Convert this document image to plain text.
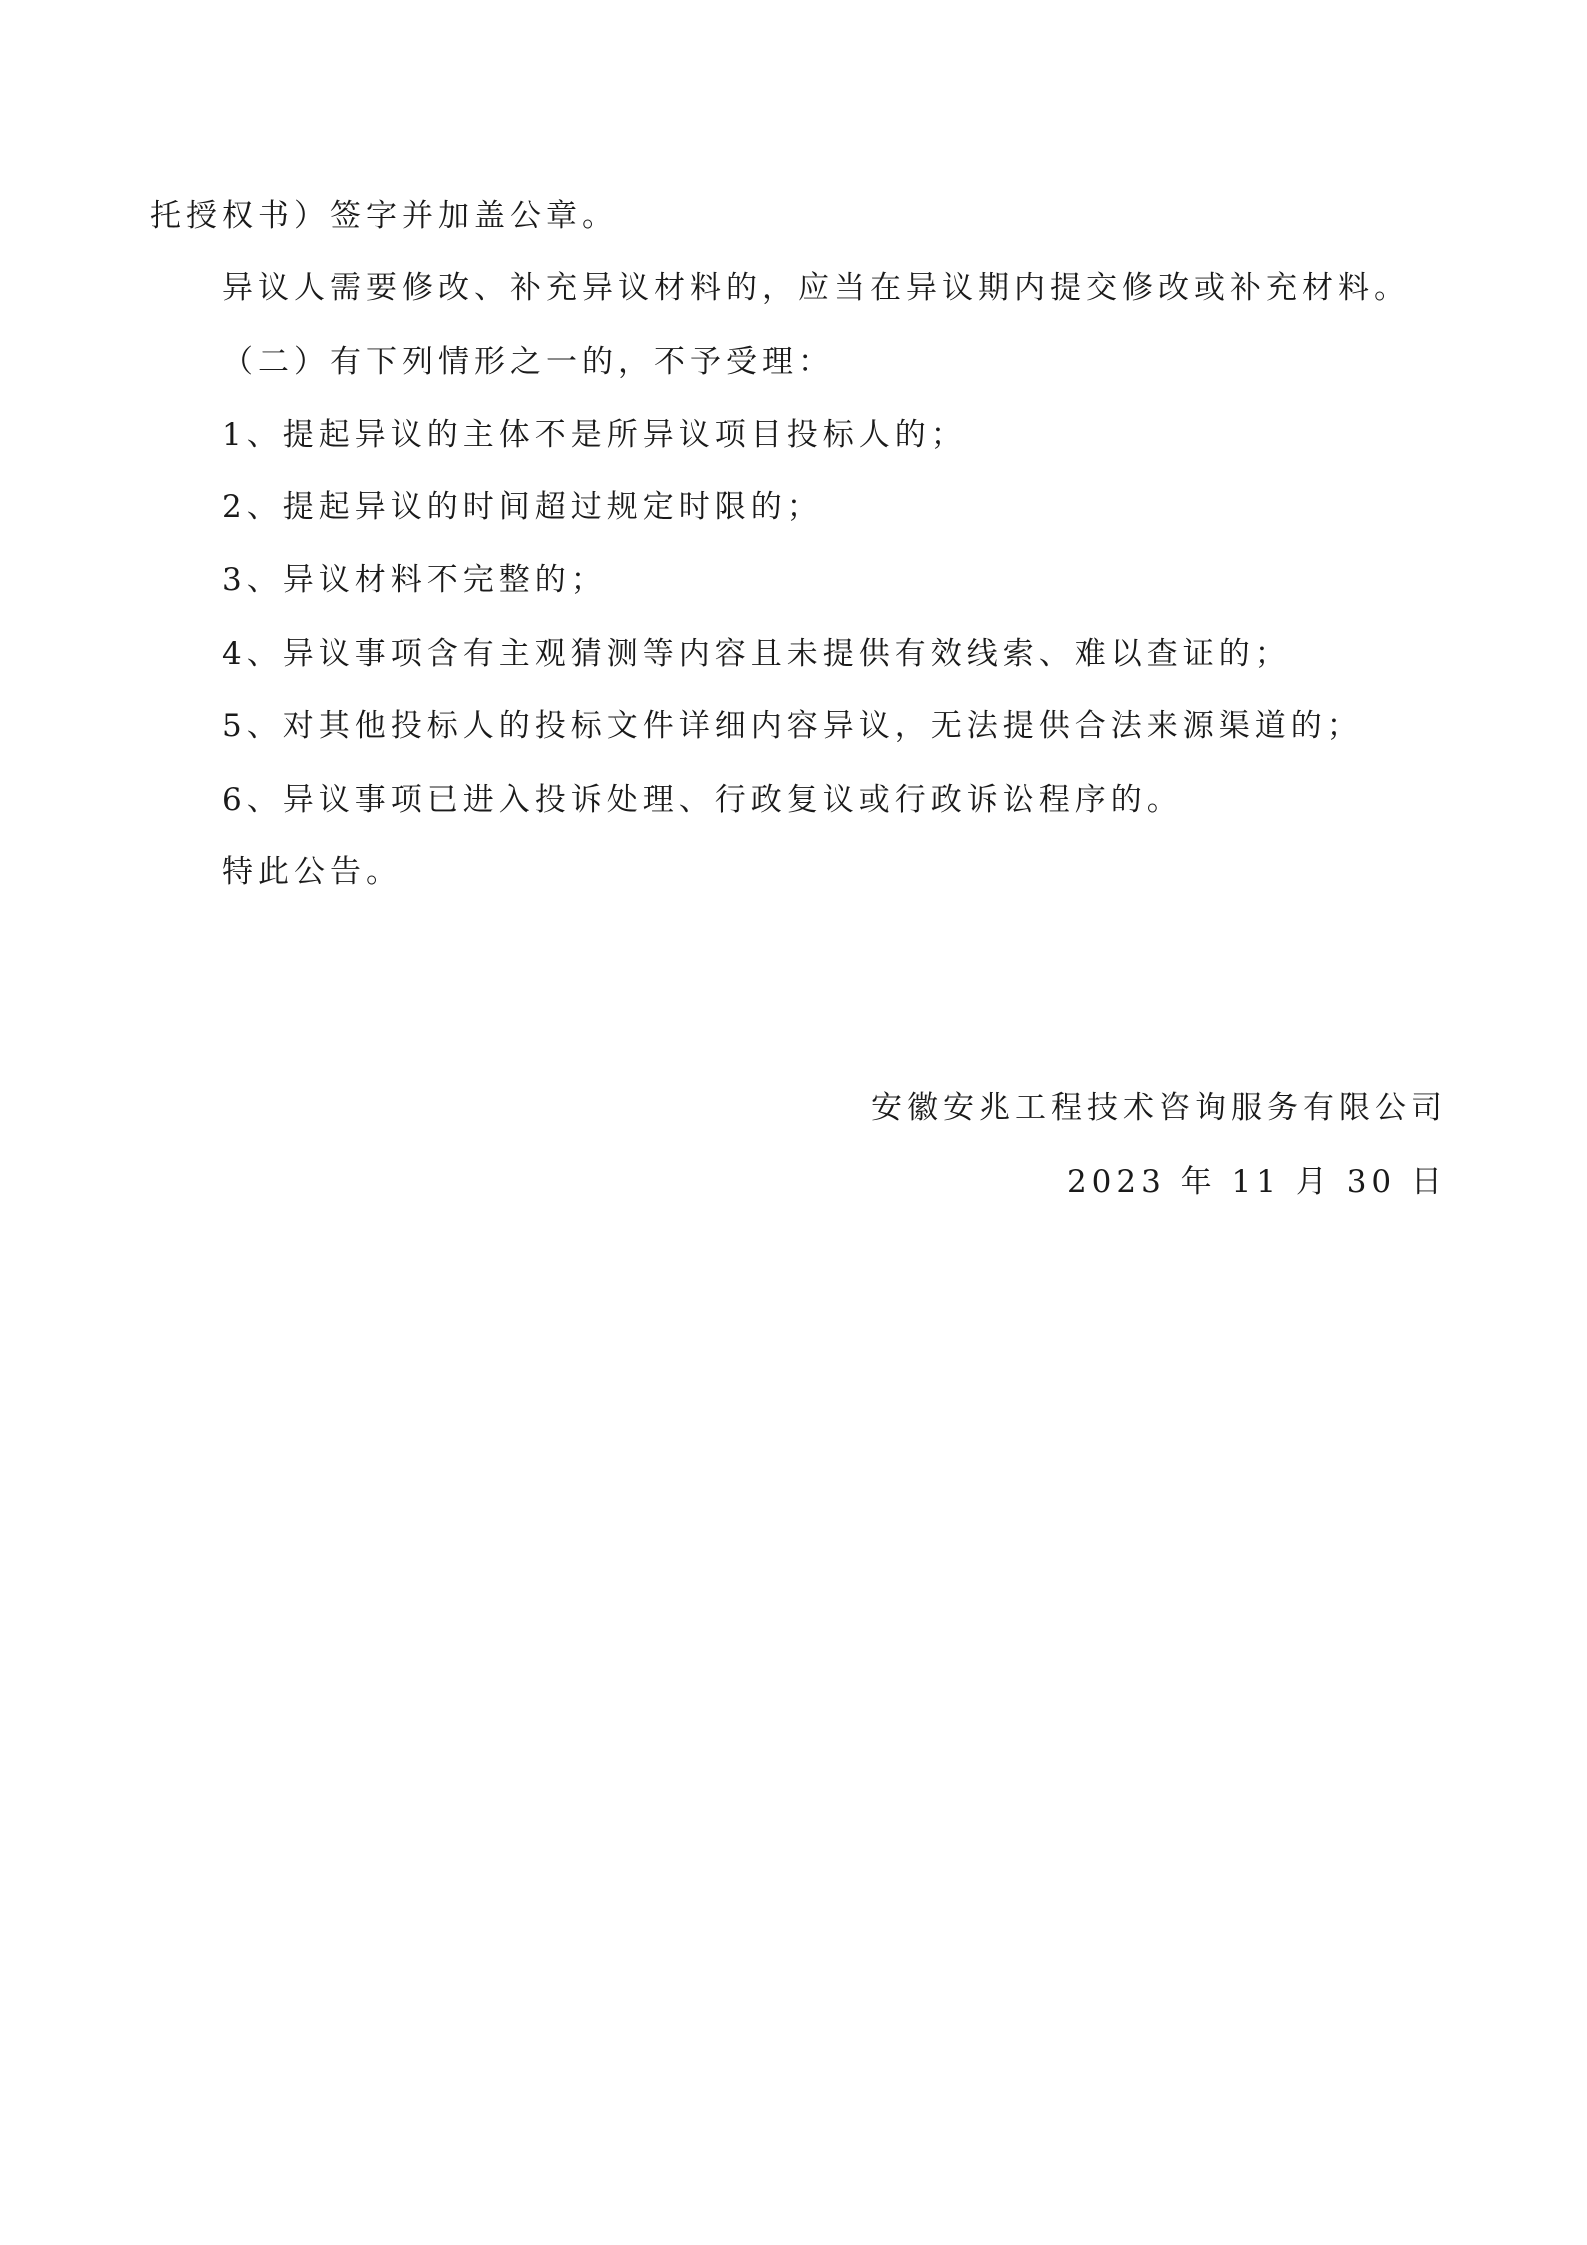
托授权书）签字并加盖公章。
异议人需要修改、补充异议材料的，应当在异议期内提交修改或补充材料。
（二）有下列情形之一的，不予受理：
1、提起异议的主体不是所异议项目投标人的；
2、提起异议的时间超过规定时限的；
3、异议材料不完整的；
4、异议事项含有主观猜测等内容且未提供有效线索、难以查证的；
5、对其他投标人的投标文件详细内容异议，无法提供合法来源渠道的；
6、异议事项已进入投诉处理、行政复议或行政诉讼程序的。
特此公告。
安徽安兆工程技术咨询服务有限公司
2023 年 11 月 30 日
